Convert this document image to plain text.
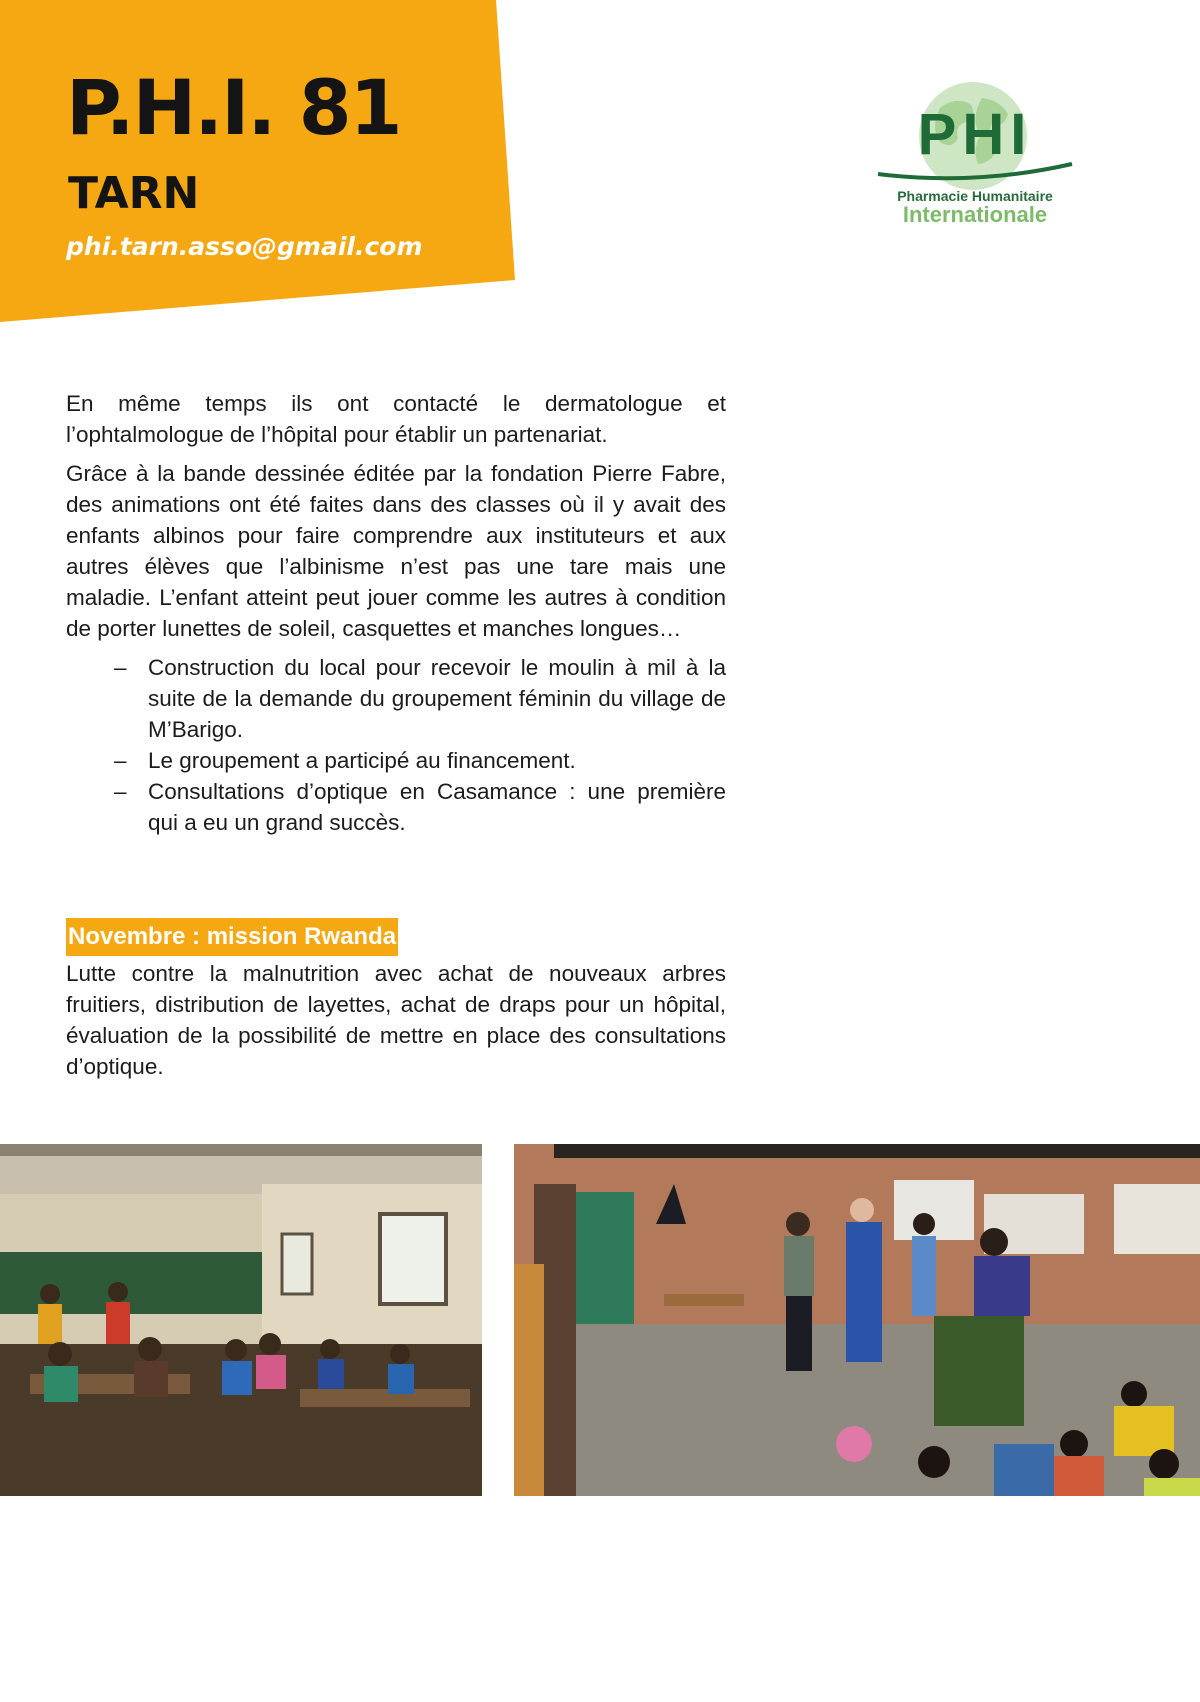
P.H.I. 81
TARN
phi.tarn.asso@gmail.com
PHI
Pharmacie Humanitaire
Internationale

En même temps ils ont contacté le dermatologue et l’ophtalmologue de l’hôpital pour établir un partenariat.

Grâce à la bande dessinée éditée par la fondation Pierre Fabre, des animations ont été faites dans des classes où il y avait des enfants albinos pour faire comprendre aux instituteurs et aux autres élèves que l’albinisme n’est pas une tare mais une maladie. L’enfant atteint peut jouer comme les autres à condition de porter lunettes de soleil, casquettes et manches longues…

– Construction du local pour recevoir le moulin à mil à la suite de la demande du groupement féminin du village de M’Barigo.
– Le groupement a participé au financement.
– Consultations d’optique en Casamance : une première qui a eu un grand succès.
Novembre : mission Rwanda

Lutte contre la malnutrition avec achat de nouveaux arbres fruitiers, distribution de layettes, achat de draps pour un hôpital, évaluation de la possibilité de mettre en place des consultations d’optique.
